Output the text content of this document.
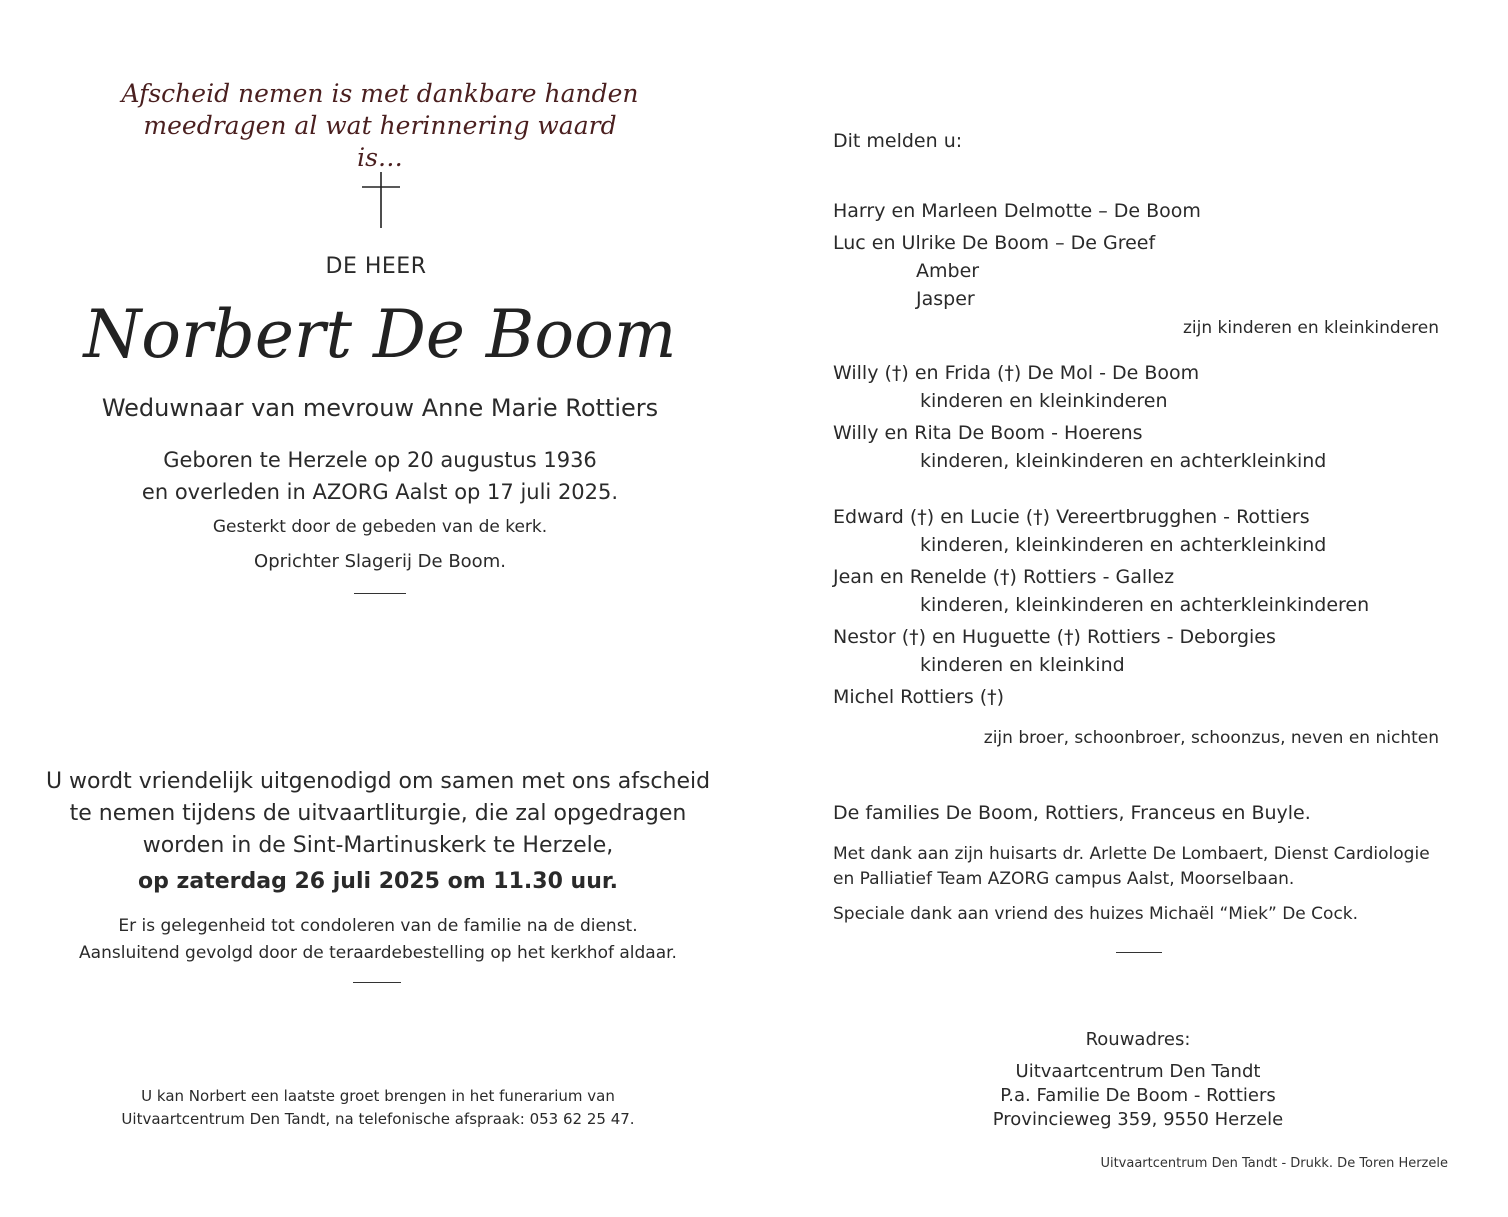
Afscheid nemen is met dankbare handen
meedragen al wat herinnering waard is…
DE HEER
Norbert De Boom
Weduwnaar van mevrouw Anne Marie Rottiers
Geboren te Herzele op 20 augustus 1936
en overleden in AZORG Aalst op 17 juli 2025.
Gesterkt door de gebeden van de kerk.
Oprichter Slagerij De Boom.
U wordt vriendelijk uitgenodigd om samen met ons afscheid
te nemen tijdens de uitvaartliturgie, die zal opgedragen
worden in de Sint-Martinuskerk te Herzele,
op zaterdag 26 juli 2025 om 11.30 uur.
Er is gelegenheid tot condoleren van de familie na de dienst.
Aansluitend gevolgd door de teraardebestelling op het kerkhof aldaar.
U kan Norbert een laatste groet brengen in het funerarium van
Uitvaartcentrum Den Tandt, na telefonische afspraak: 053 62 25 47.
Dit melden u:
Harry en Marleen Delmotte – De Boom
Luc en Ulrike De Boom – De Greef
Amber
Jasper
zijn kinderen en kleinkinderen
Willy (†) en Frida (†) De Mol - De Boom
kinderen en kleinkinderen
Willy en Rita De Boom - Hoerens
kinderen, kleinkinderen en achterkleinkind
Edward (†) en Lucie (†) Vereertbrugghen - Rottiers
kinderen, kleinkinderen en achterkleinkind
Jean en Renelde (†) Rottiers - Gallez
kinderen, kleinkinderen en achterkleinkinderen
Nestor (†) en Huguette (†) Rottiers - Deborgies
kinderen en kleinkind
Michel Rottiers (†)
zijn broer, schoonbroer, schoonzus, neven en nichten
De families De Boom, Rottiers, Franceus en Buyle.
Met dank aan zijn huisarts dr. Arlette De Lombaert, Dienst Cardiologie
en Palliatief Team AZORG campus Aalst, Moorselbaan.
Speciale dank aan vriend des huizes Michaël “Miek” De Cock.
Rouwadres:
Uitvaartcentrum Den Tandt
P.a. Familie De Boom - Rottiers
Provincieweg 359, 9550 Herzele
Uitvaartcentrum Den Tandt - Drukk. De Toren Herzele
